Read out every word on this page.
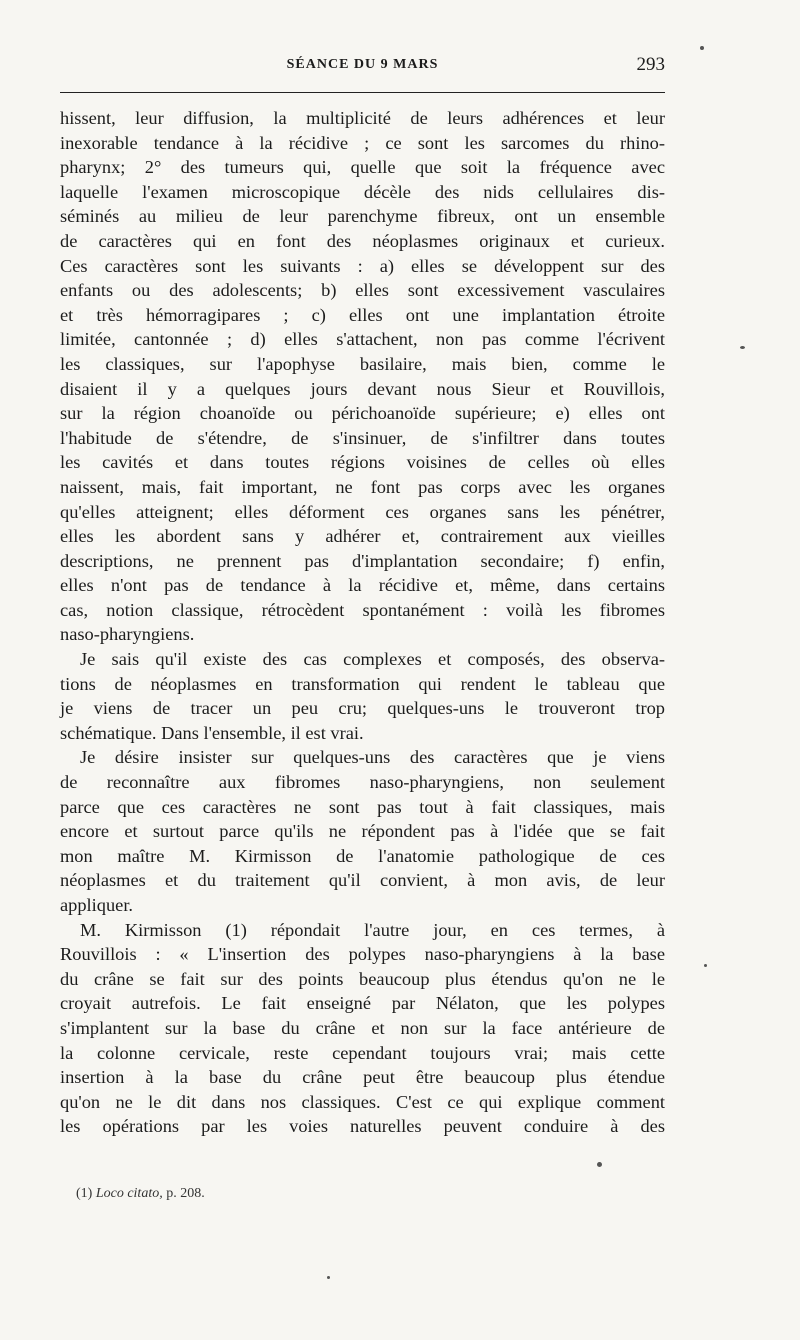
SÉANCE DU 9 MARS	293
hissent, leur diffusion, la multiplicité de leurs adhérences et leur
inexorable tendance à la récidive ; ce sont les sarcomes du rhino-
pharynx; 2° des tumeurs qui, quelle que soit la fréquence avec
laquelle l'examen microscopique décèle des nids cellulaires dis-
séminés au milieu de leur parenchyme fibreux, ont un ensemble
de caractères qui en font des néoplasmes originaux et curieux.
Ces caractères sont les suivants : a) elles se développent sur des
enfants ou des adolescents; b) elles sont excessivement vasculaires
et très hémorragipares ; c) elles ont une implantation étroite
limitée, cantonnée ; d) elles s'attachent, non pas comme l'écrivent
les classiques, sur l'apophyse basilaire, mais bien, comme le
disaient il y a quelques jours devant nous Sieur et Rouvillois,
sur la région choanoïde ou périchoanoïde supérieure; e) elles ont
l'habitude de s'étendre, de s'insinuer, de s'infiltrer dans toutes
les cavités et dans toutes régions voisines de celles où elles
naissent, mais, fait important, ne font pas corps avec les organes
qu'elles atteignent; elles déforment ces organes sans les pénétrer,
elles les abordent sans y adhérer et, contrairement aux vieilles
descriptions, ne prennent pas d'implantation secondaire; f) enfin,
elles n'ont pas de tendance à la récidive et, même, dans certains
cas, notion classique, rétrocèdent spontanément : voilà les fibromes
naso-pharyngiens.
Je sais qu'il existe des cas complexes et composés, des observa-
tions de néoplasmes en transformation qui rendent le tableau que
je viens de tracer un peu cru; quelques-uns le trouveront trop
schématique. Dans l'ensemble, il est vrai.
Je désire insister sur quelques-uns des caractères que je viens
de reconnaître aux fibromes naso-pharyngiens, non seulement
parce que ces caractères ne sont pas tout à fait classiques, mais
encore et surtout parce qu'ils ne répondent pas à l'idée que se fait
mon maître M. Kirmisson de l'anatomie pathologique de ces
néoplasmes et du traitement qu'il convient, à mon avis, de leur
appliquer.
M. Kirmisson (1) répondait l'autre jour, en ces termes, à
Rouvillois : « L'insertion des polypes naso-pharyngiens à la base
du crâne se fait sur des points beaucoup plus étendus qu'on ne le
croyait autrefois. Le fait enseigné par Nélaton, que les polypes
s'implantent sur la base du crâne et non sur la face antérieure de
la colonne cervicale, reste cependant toujours vrai; mais cette
insertion à la base du crâne peut être beaucoup plus étendue
qu'on ne le dit dans nos classiques. C'est ce qui explique comment
les opérations par les voies naturelles peuvent conduire à des
(1) Loco citato, p. 208.
